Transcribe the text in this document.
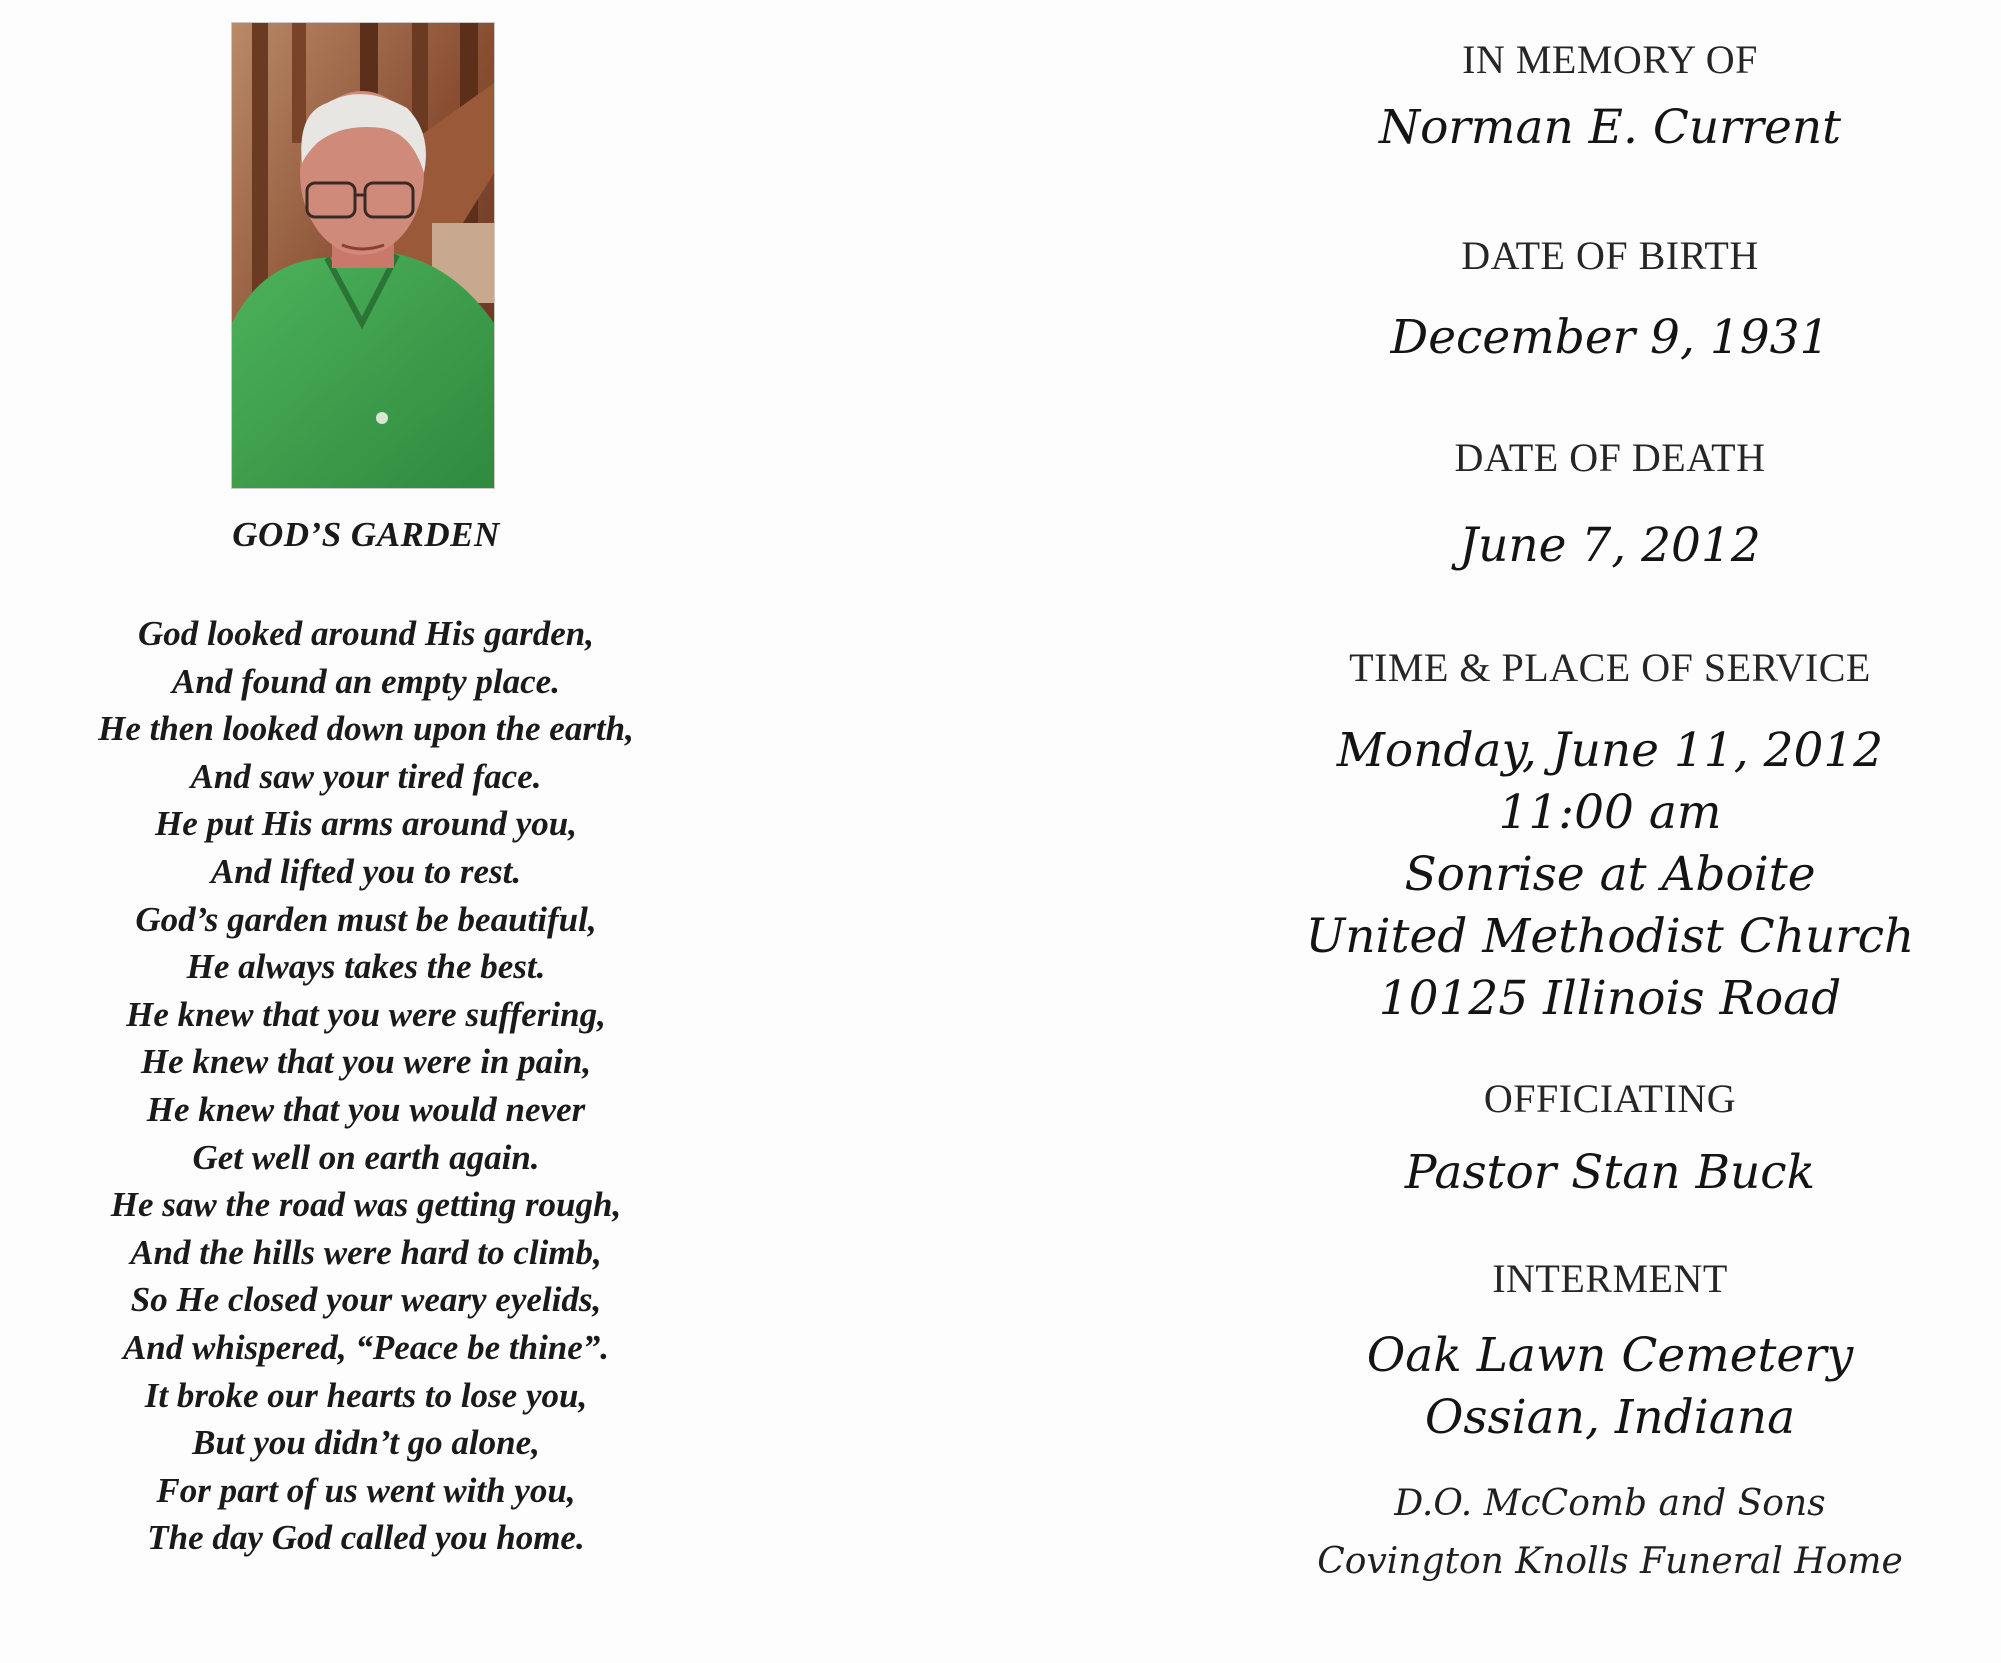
GOD’S GARDEN
God looked around His garden,
And found an empty place.
He then looked down upon the earth,
And saw your tired face.
He put His arms around you,
And lifted you to rest.
God’s garden must be beautiful,
He always takes the best.
He knew that you were suffering,
He knew that you were in pain,
He knew that you would never
Get well on earth again.
He saw the road was getting rough,
And the hills were hard to climb,
So He closed your weary eyelids,
And whispered, “Peace be thine”.
It broke our hearts to lose you,
But you didn’t go alone,
For part of us went with you,
The day God called you home.
IN MEMORY OF
Norman E. Current
DATE OF BIRTH
December 9, 1931
DATE OF DEATH
June 7, 2012
TIME & PLACE OF SERVICE
Monday, June 11, 2012
11:00 am
Sonrise at Aboite
United Methodist Church
10125 Illinois Road
OFFICIATING
Pastor Stan Buck
INTERMENT
Oak Lawn Cemetery
Ossian, Indiana
D.O. McComb and Sons
Covington Knolls Funeral Home
